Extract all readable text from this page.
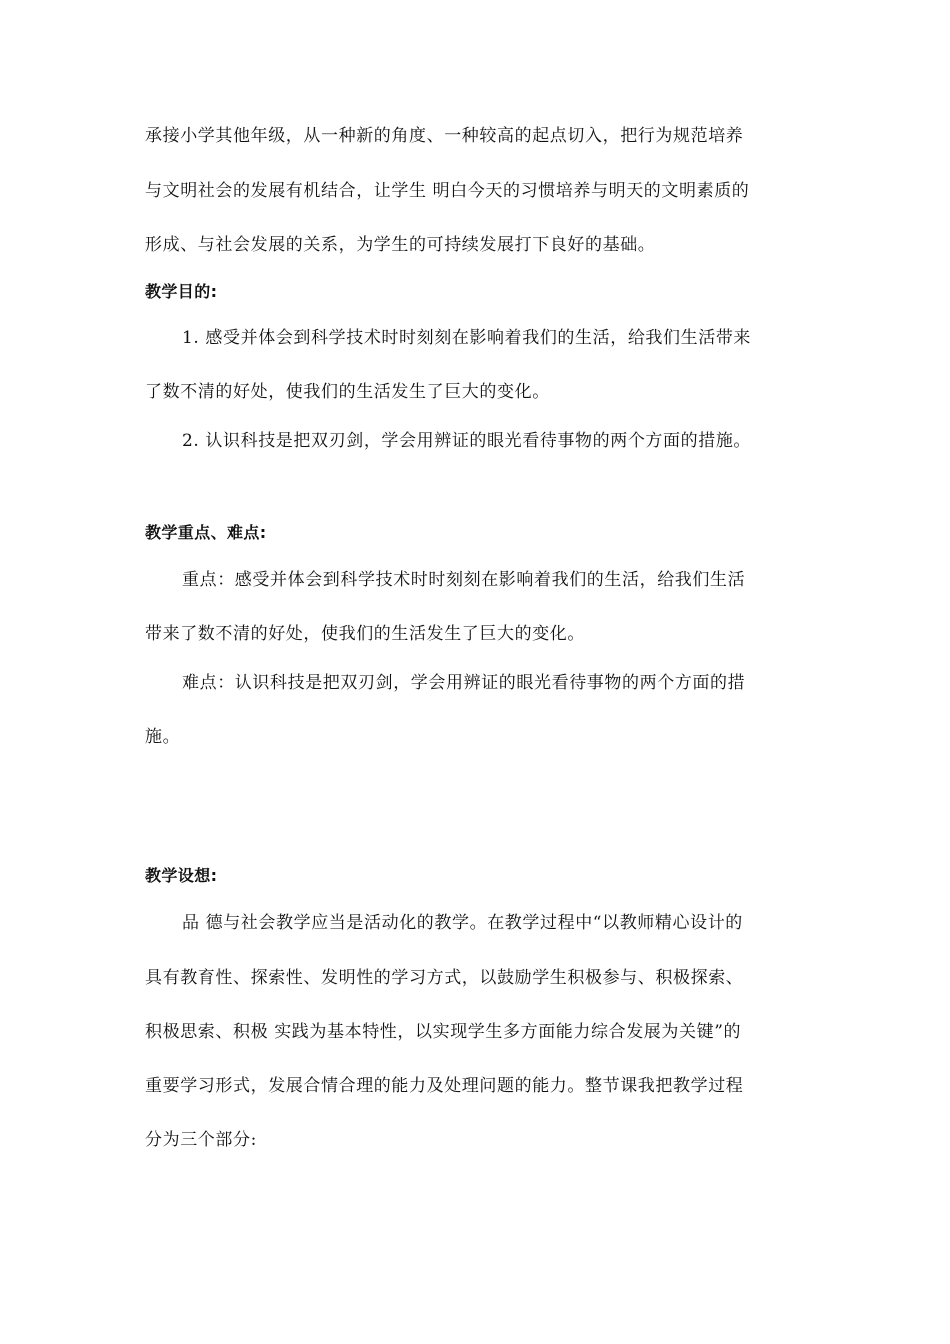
承接小学其他年级，从一种新的角度、一种较高的起点切入，把行为规范培养
与文明社会的发展有机结合，让学生 明白今天的习惯培养与明天的文明素质的
形成、与社会发展的关系，为学生的可持续发展打下良好的基础。
教学目的:
1. 感受并体会到科学技术时时刻刻在影响着我们的生活，给我们生活带来
了数不清的好处，使我们的生活发生了巨大的变化。
2. 认识科技是把双刃剑，学会用辨证的眼光看待事物的两个方面的措施。
教学重点、难点:
重点：感受并体会到科学技术时时刻刻在影响着我们的生活，给我们生活
带来了数不清的好处，使我们的生活发生了巨大的变化。
难点：认识科技是把双刃剑，学会用辨证的眼光看待事物的两个方面的措
施。
教学设想:
品 德与社会教学应当是活动化的教学。在教学过程中“以教师精心设计的
具有教育性、探索性、发明性的学习方式，以鼓励学生积极参与、积极探索、
积极思索、积极 实践为基本特性，以实现学生多方面能力综合发展为关键”的
重要学习形式，发展合情合理的能力及处理问题的能力。整节课我把教学过程
分为三个部分:
